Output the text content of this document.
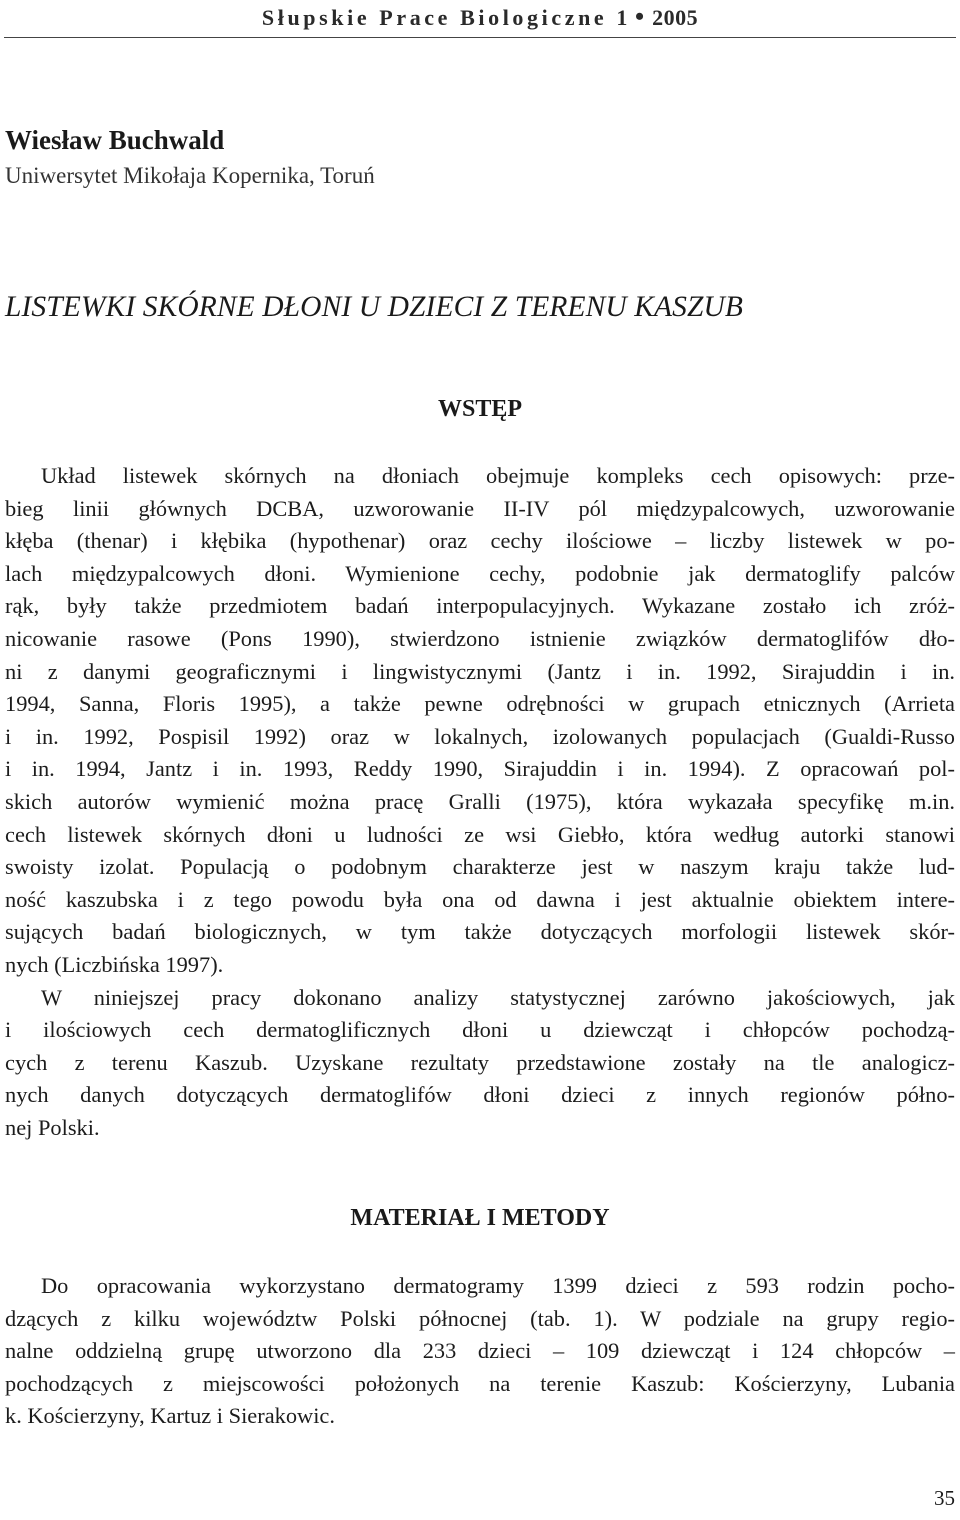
Słupskie Prace Biologiczne 1 • 2005
Wiesław Buchwald
Uniwersytet Mikołaja Kopernika, Toruń
LISTEWKI SKÓRNE DŁONI U DZIECI Z TERENU KASZUB
WSTĘP
Układ listewek skórnych na dłoniach obejmuje kompleks cech opisowych: prze-
bieg linii głównych DCBA, uzworowanie II-IV pól międzypalcowych, uzworowanie
kłęba (thenar) i kłębika (hypothenar) oraz cechy ilościowe – liczby listewek w po-
lach międzypalcowych dłoni. Wymienione cechy, podobnie jak dermatoglify palców
rąk, były także przedmiotem badań interpopulacyjnych. Wykazane zostało ich zróż-
nicowanie rasowe (Pons 1990), stwierdzono istnienie związków dermatoglifów dło-
ni z danymi geograficznymi i lingwistycznymi (Jantz i in. 1992, Sirajuddin i in.
1994, Sanna, Floris 1995), a także pewne odrębności w grupach etnicznych (Arrieta
i in. 1992, Pospisil 1992) oraz w lokalnych, izolowanych populacjach (Gualdi-Russo
i in. 1994, Jantz i in. 1993, Reddy 1990, Sirajuddin i in. 1994). Z opracowań pol-
skich autorów wymienić można pracę Gralli (1975), która wykazała specyfikę m.in.
cech listewek skórnych dłoni u ludności ze wsi Giebło, która według autorki stanowi
swoisty izolat. Populacją o podobnym charakterze jest w naszym kraju także lud-
ność kaszubska i z tego powodu była ona od dawna i jest aktualnie obiektem intere-
sujących badań biologicznych, w tym także dotyczących morfologii listewek skór-
nych (Liczbińska 1997).
W niniejszej pracy dokonano analizy statystycznej zarówno jakościowych, jak
i ilościowych cech dermatoglificznych dłoni u dziewcząt i chłopców pochodzą-
cych z terenu Kaszub. Uzyskane rezultaty przedstawione zostały na tle analogicz-
nych danych dotyczących dermatoglifów dłoni dzieci z innych regionów półno-
nej Polski.
MATERIAŁ I METODY
Do opracowania wykorzystano dermatogramy 1399 dzieci z 593 rodzin pocho-
dzących z kilku województw Polski północnej (tab. 1). W podziale na grupy regio-
nalne oddzielną grupę utworzono dla 233 dzieci – 109 dziewcząt i 124 chłopców –
pochodzących z miejscowości położonych na terenie Kaszub: Kościerzyny, Lubania
k. Kościerzyny, Kartuz i Sierakowic.
35
